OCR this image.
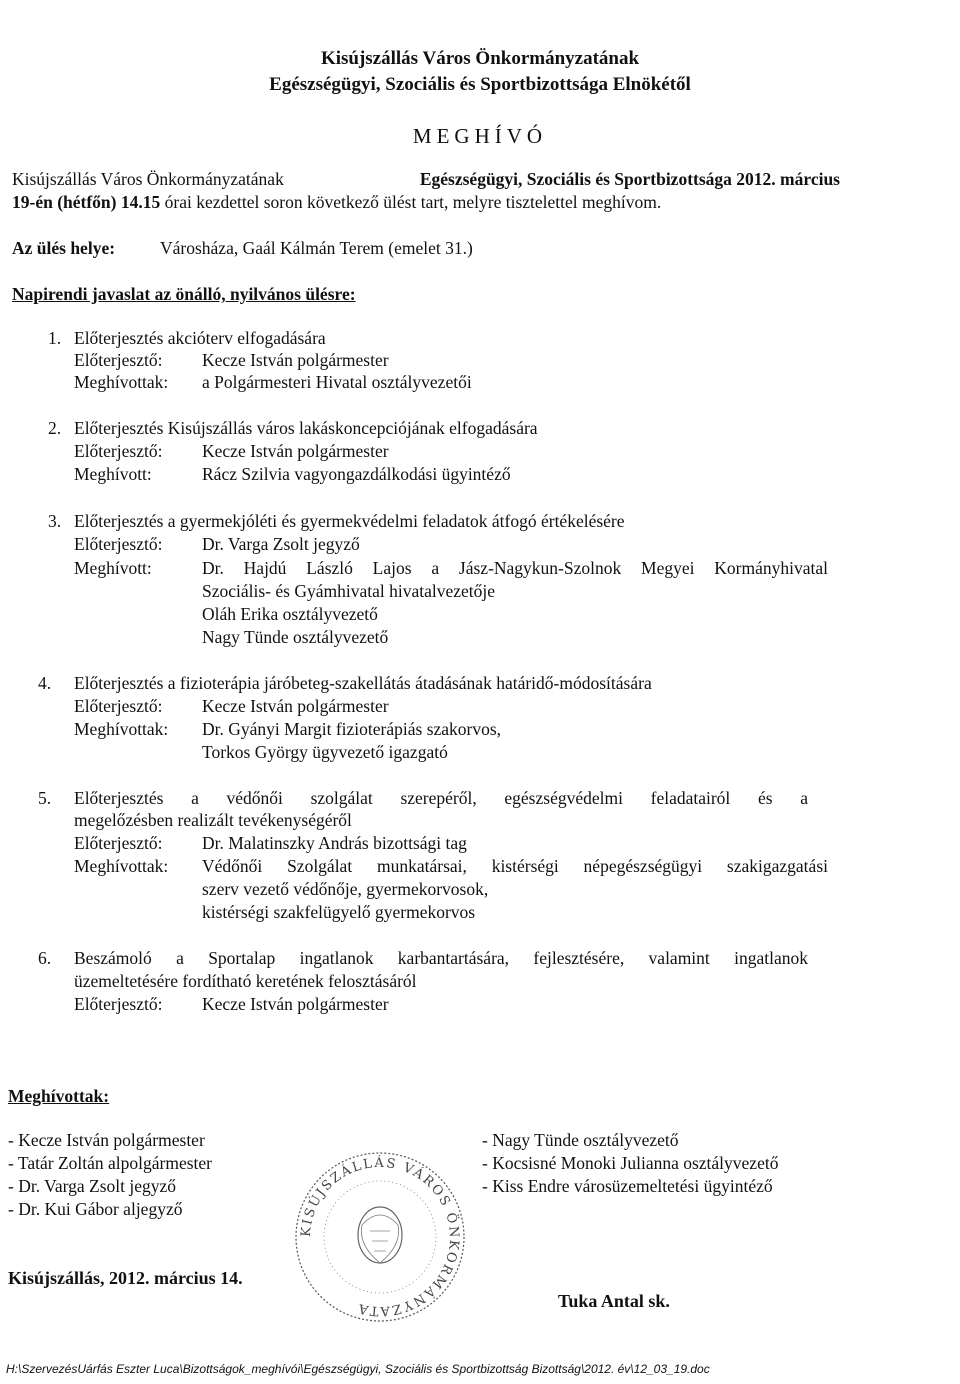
Kisújszállás Város Önkormányzatának
Egészségügyi, Szociális és Sportbizottsága Elnökétől
MEGHÍVÓ
Kisújszállás Város Önkormányzatának	Egészségügyi, Szociális és Sportbizottsága 2012. március
19-én (hétfőn) 14.15 órai kezdettel soron következő ülést tart, melyre tisztelettel meghívom.
Az ülés helye:	Városháza, Gaál Kálmán Terem (emelet 31.)
Napirendi javaslat az önálló, nyilvános ülésre:
1. Előterjesztés akcióterv elfogadására
Előterjesztő: Kecze István polgármester
Meghívottak: a Polgármesteri Hivatal osztályvezetői
2. Előterjesztés Kisújszállás város lakáskoncepciójának elfogadására
Előterjesztő: Kecze István polgármester
Meghívott:	Rácz Szilvia vagyongazdálkodási ügyintéző
3. Előterjesztés a gyermekjóléti és gyermekvédelmi feladatok átfogó értékelésére
Előterjesztő: Dr. Varga Zsolt jegyző
Meghívott:	Dr. Hajdú László Lajos a Jász-Nagykun-Szolnok Megyei Kormányhivatal
Szociális- és Gyámhivatal hivatalvezetője
Oláh Erika osztályvezető
Nagy Tünde osztályvezető
4. Előterjesztés a fizioterápia járóbeteg-szakellátás átadásának határidő-módosítására
Előterjesztő: Kecze István polgármester
Meghívottak: Dr. Gyányi Margit fizioterápiás szakorvos,
Torkos György ügyvezető igazgató
5. Előterjesztés a védőnői szolgálat szerepéről, egészségvédelmi feladatairól és a
megelőzésben realizált tevékenységéről
Előterjesztő: Dr. Malatinszky András bizottsági tag
Meghívottak: Védőnői Szolgálat munkatársai, kistérségi népegészségügyi szakigazgatási
szerv vezető védőnője, gyermekorvosok,
kistérségi szakfelügyelő gyermekorvos
6. Beszámoló a Sportalap ingatlanok karbantartására, fejlesztésére, valamint ingatlanok
üzemeltetésére fordítható keretének felosztásáról
Előterjesztő: Kecze István polgármester
Meghívottak:
- Kecze István polgármester
- Tatár Zoltán alpolgármester
- Dr. Varga Zsolt jegyző
- Dr. Kui Gábor aljegyző
- Nagy Tünde osztályvezető
- Kocsisné Monoki Julianna osztályvezető
- Kiss Endre városüzemeltetési ügyintéző
KISÚJSZÁLLÁS VÁROS ÖNKORMÁNYZATA
Kisújszállás, 2012. március 14.
Tuka Antal sk.
H:\SzervezésUárfás Eszter Luca\Bizottságok_meghívói\Egészségügyi, Szociális és Sportbizottság Bizottság\2012. év\12_03_19.doc
